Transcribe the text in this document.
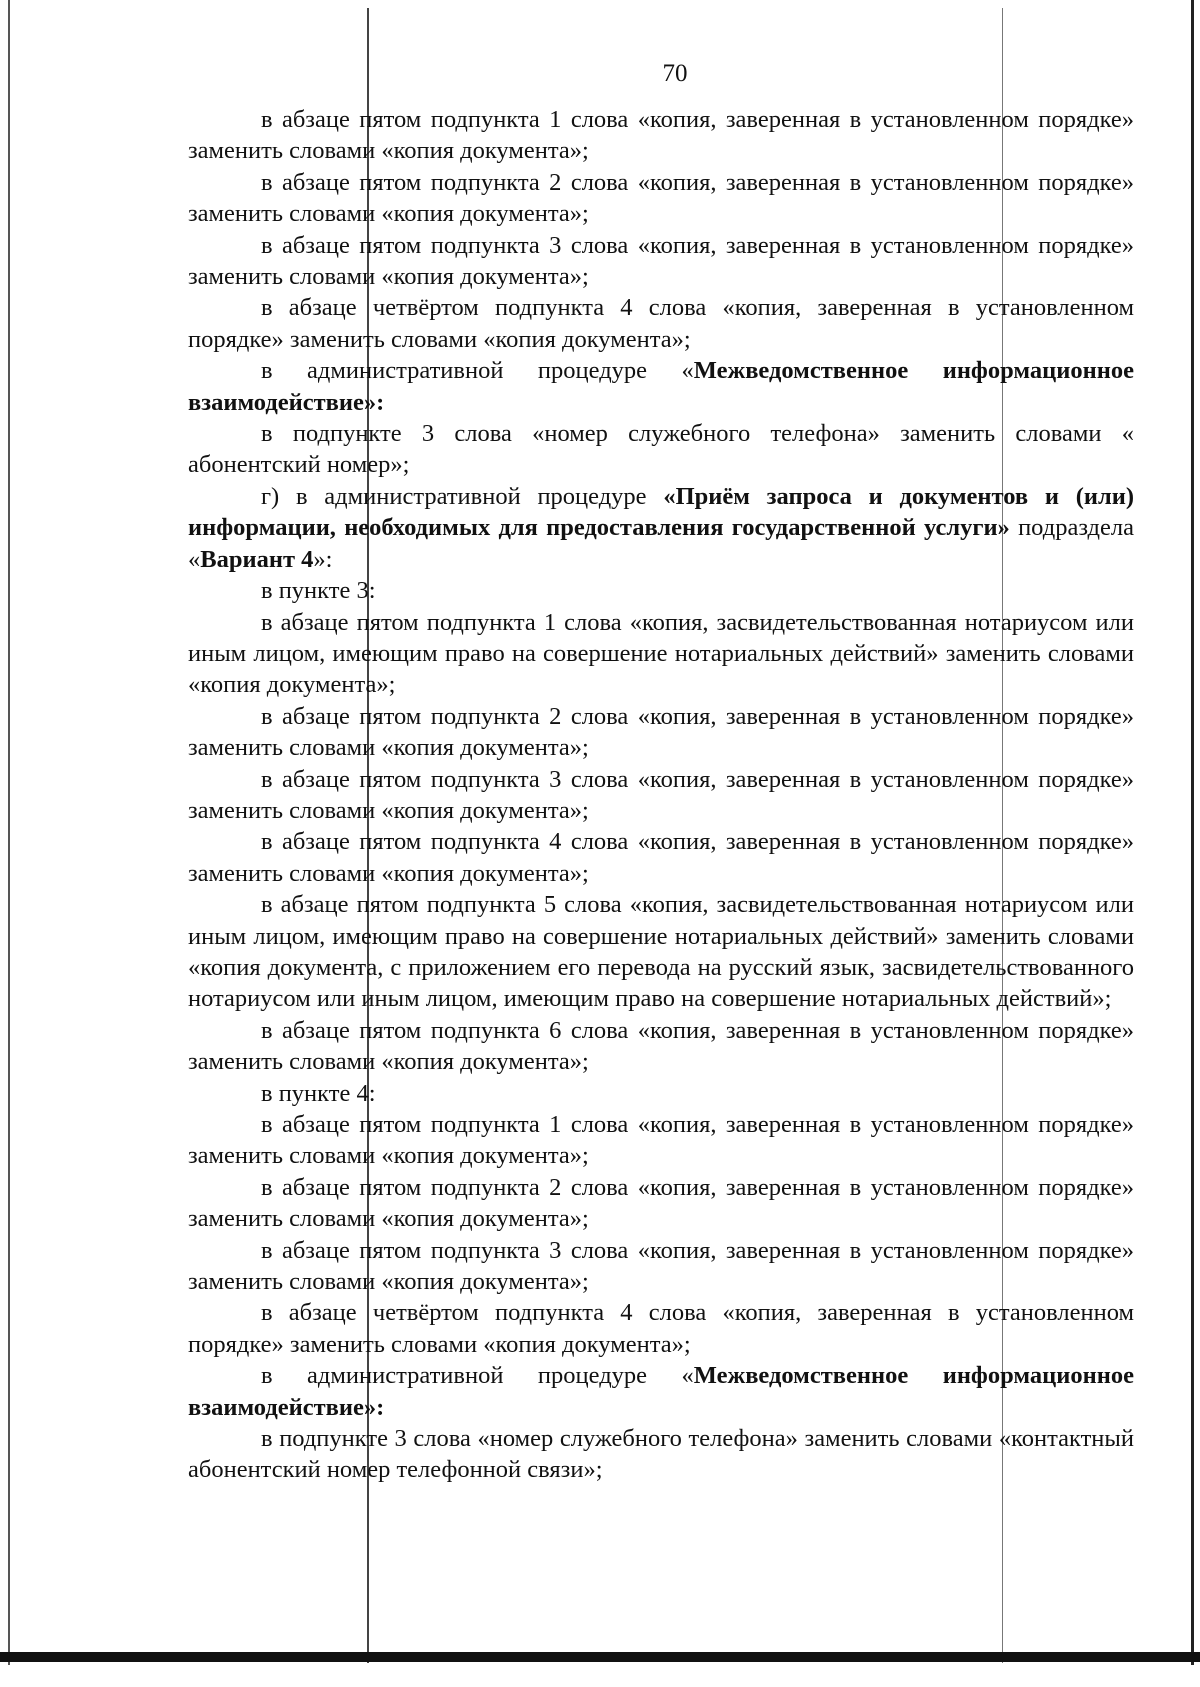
70

в абзаце пятом подпункта 1 слова «копия, заверенная в установленном порядке» заменить словами «копия документа»;

в абзаце пятом подпункта 2 слова «копия, заверенная в установленном порядке» заменить словами «копия документа»;

в абзаце пятом подпункта 3 слова «копия, заверенная в установленном порядке» заменить словами «копия документа»;

в абзаце четвёртом подпункта 4 слова «копия, заверенная в установленном порядке» заменить словами «копия документа»;

в административной процедуре «Межведомственное информационное взаимодействие»:

в подпункте 3 слова «номер служебного телефона» заменить словами « абонентский номер»;

г) в административной процедуре «Приём запроса и документов и (или) информации, необходимых для предоставления государственной услуги» подраздела «Вариант 4»:

в пункте 3:

в абзаце пятом подпункта 1 слова «копия, засвидетельствованная нотариусом или иным лицом, имеющим право на совершение нотариальных действий» заменить словами «копия документа»;

в абзаце пятом подпункта 2 слова «копия, заверенная в установленном порядке» заменить словами «копия документа»;

в абзаце пятом подпункта 3 слова «копия, заверенная в установленном порядке» заменить словами «копия документа»;

в абзаце пятом подпункта 4 слова «копия, заверенная в установленном порядке» заменить словами «копия документа»;

в абзаце пятом подпункта 5 слова «копия, засвидетельствованная нотариусом или иным лицом, имеющим право на совершение нотариальных действий» заменить словами «копия документа, с приложением его перевода на русский язык, засвидетельствованного нотариусом или иным лицом, имеющим право на совершение нотариальных действий»;

в абзаце пятом подпункта 6 слова «копия, заверенная в установленном порядке» заменить словами «копия документа»;

в пункте 4:

в абзаце пятом подпункта 1 слова «копия, заверенная в установленном порядке» заменить словами «копия документа»;

в абзаце пятом подпункта 2 слова «копия, заверенная в установленном порядке» заменить словами «копия документа»;

в абзаце пятом подпункта 3 слова «копия, заверенная в установленном порядке» заменить словами «копия документа»;

в абзаце четвёртом подпункта 4 слова «копия, заверенная в установленном порядке» заменить словами «копия документа»;

в административной процедуре «Межведомственное информационное взаимодействие»:

в подпункте 3 слова «номер служебного телефона» заменить словами «контактный абонентский номер телефонной связи»;
